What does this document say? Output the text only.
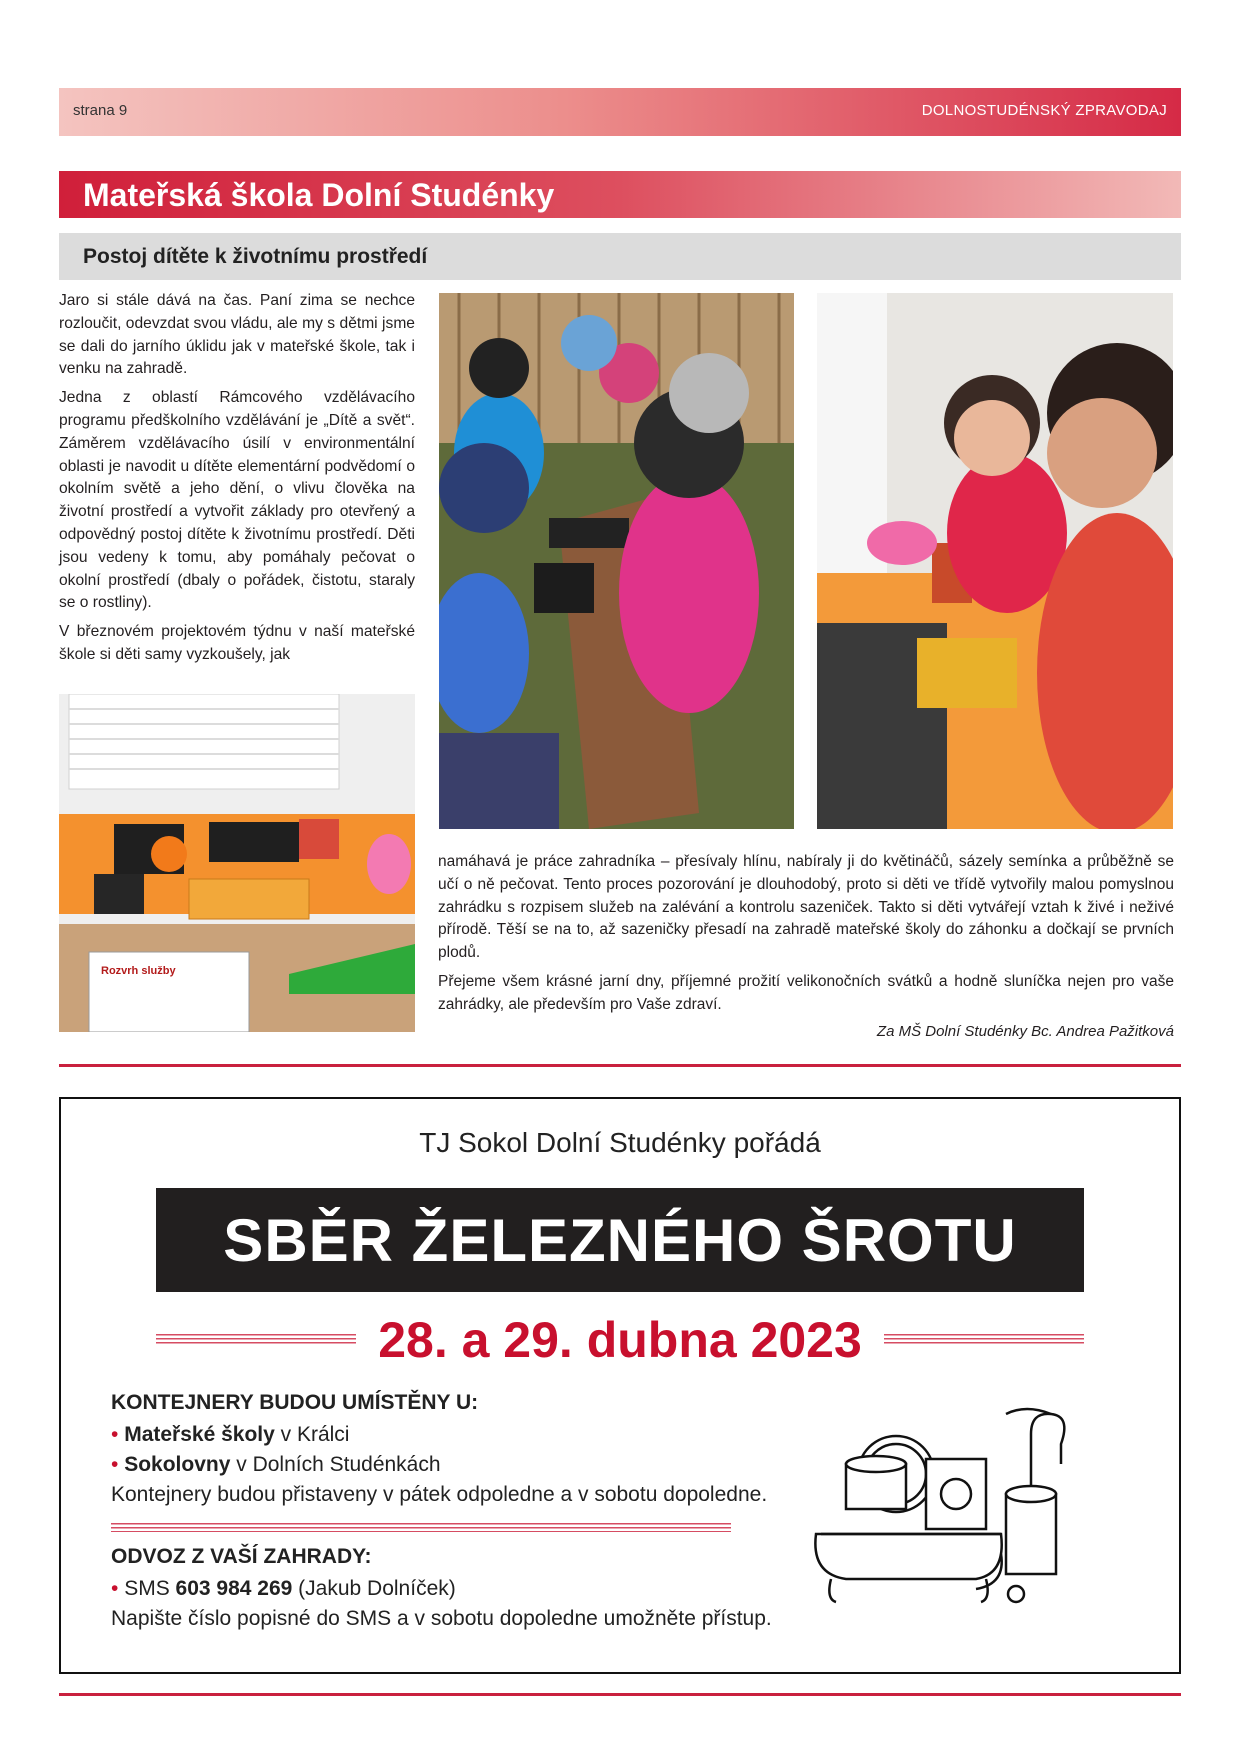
strana 9	DOLNOSTUDÉNSKÝ ZPRAVODAJ
Mateřská škola Dolní Studénky
Postoj dítěte k životnímu prostředí

Jaro si stále dává na čas. Paní zima se nechce rozloučit, odevzdat svou vládu, ale my s dětmi jsme se dali do jarního úklidu jak v mateřské škole, tak i venku na zahradě.

Jedna z oblastí Rámcového vzdělávacího programu předškolního vzdělávání je „Dítě a svět“. Záměrem vzdělávacího úsilí v environmentální oblasti je navodit u dítěte elementární podvědomí o okolním světě a jeho dění, o vlivu člověka na životní prostředí a vytvořit základy pro otevřený a odpovědný postoj dítěte k životnímu prostředí. Děti jsou vedeny k tomu, aby pomáhaly pečovat o okolní prostředí (dbaly o pořádek, čistotu, staraly se o rostliny).

V březnovém projektovém týdnu v naší mateřské škole si děti samy vyzkoušely, jak

Rozvrh služby

namáhavá je práce zahradníka – přesívaly hlínu, nabíraly ji do květináčů, sázely semínka a průběžně se učí o ně pečovat. Tento proces pozorování je dlouhodobý, proto si děti ve třídě vytvořily malou pomyslnou zahrádku s rozpisem služeb na zalévání a kontrolu sazeniček. Takto si děti vytvářejí vztah k živé i neživé přírodě. Těší se na to, až sazeničky přesadí na zahradě mateřské školy do záhonku a dočkají se prvních plodů.

Přejeme všem krásné jarní dny, příjemné prožití velikonočních svátků a hodně sluníčka nejen pro vaše zahrádky, ale především pro Vaše zdraví.

Za MŠ Dolní Studénky Bc. Andrea Pažitková
TJ Sokol Dolní Studénky pořádá
SBĚR ŽELEZNÉHO ŠROTU
28. a 29. dubna 2023
KONTEJNERY BUDOU UMÍSTĚNY U:
• Mateřské školy v Králci
• Sokolovny v Dolních Studénkách
Kontejnery budou přistaveny v pátek odpoledne a v sobotu dopoledne.
ODVOZ Z VAŠÍ ZAHRADY:
• SMS 603 984 269 (Jakub Dolníček)
Napište číslo popisné do SMS a v sobotu dopoledne umožněte přístup.
